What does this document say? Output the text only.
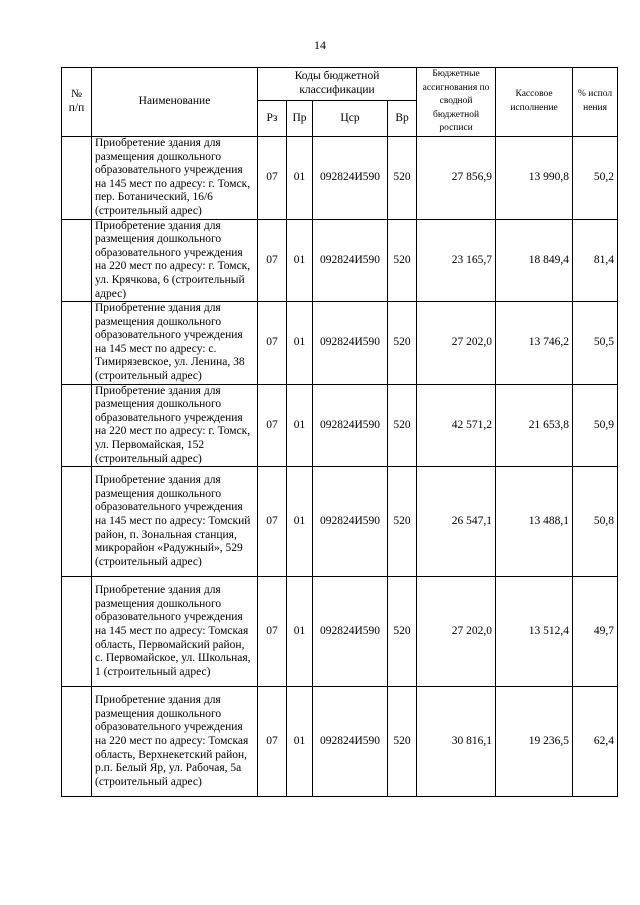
14
№ п/п	Наименование	Коды бюджетной классификации				Бюджетные ассигнования по сводной бюджетной росписи	Кассовое исполнение	% испол нения
		Рз	Пр	Цср	Вр			
	Приобретение здания для размещения дошкольного образовательного учреждения на 145 мест по адресу: г. Томск, пер. Ботанический, 16/6 (строительный адрес)	07	01	092824И590	520	27 856,9	13 990,8	50,2
	Приобретение здания для размещения дошкольного образовательного учреждения на 220 мест по адресу: г. Томск, ул. Крячкова, 6 (строительный адрес)	07	01	092824И590	520	23 165,7	18 849,4	81,4
	Приобретение здания для размещения дошкольного образовательного учреждения на 145 мест по адресу: с. Тимирязевское, ул. Ленина, 38 (строительный адрес)	07	01	092824И590	520	27 202,0	13 746,2	50,5
	Приобретение здания для размещения дошкольного образовательного учреждения на 220 мест по адресу: г. Томск, ул. Первомайская, 152 (строительный адрес)	07	01	092824И590	520	42 571,2	21 653,8	50,9
	Приобретение здания для размещения дошкольного образовательного учреждения на 145 мест по адресу: Томский район, п. Зональная станция, микрорайон «Радужный», 529 (строительный адрес)	07	01	092824И590	520	26 547,1	13 488,1	50,8
	Приобретение здания для размещения дошкольного образовательного учреждения на 145 мест по адресу: Томская область, Первомайский район, с. Первомайское, ул. Школьная, 1 (строительный адрес)	07	01	092824И590	520	27 202,0	13 512,4	49,7
	Приобретение здания для размещения дошкольного образовательного учреждения на 220 мест по адресу: Томская область, Верхнекетский район, р.п. Белый Яр, ул. Рабочая, 5а (строительный адрес)	07	01	092824И590	520	30 816,1	19 236,5	62,4
